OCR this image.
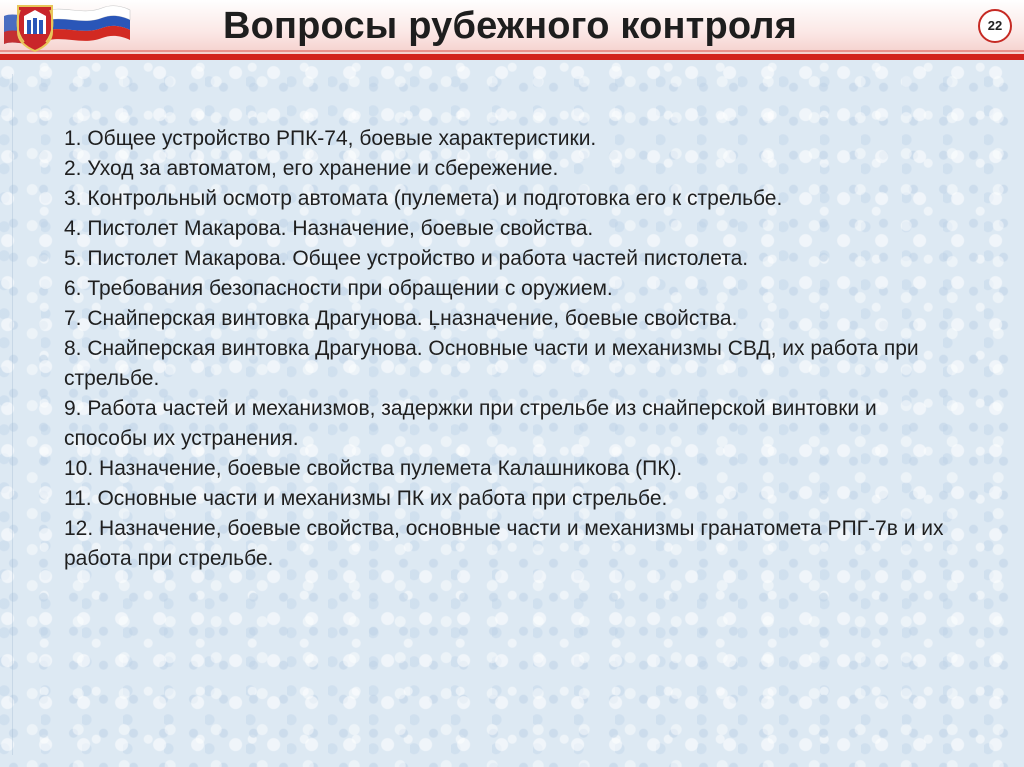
Вопросы рубежного контроля	22
1. Общее устройство РПК-74, боевые характеристики.
2. Уход за автоматом, его хранение и сбережение.
3. Контрольный осмотр автомата (пулемета) и подготовка его к стрельбе.
4. Пистолет Макарова. Назначение, боевые свойства.
5. Пистолет Макарова. Общее устройство и работа частей пистолета.
6. Требования безопасности при обращении с оружием.
7. Снайперская винтовка Драгунова. Ļназначение, боевые свойства.
8. Снайперская винтовка Драгунова. Основные части и механизмы СВД, их работа при стрельбе.
9. Работа частей и механизмов, задержки при стрельбе из снайперской винтовки и способы их устранения.
10. Назначение, боевые свойства пулемета Калашникова (ПК).
11. Основные части и механизмы ПК их работа при стрельбе.
12. Назначение, боевые свойства, основные части и механизмы гранатомета РПГ-7в и их работа при стрельбе.
